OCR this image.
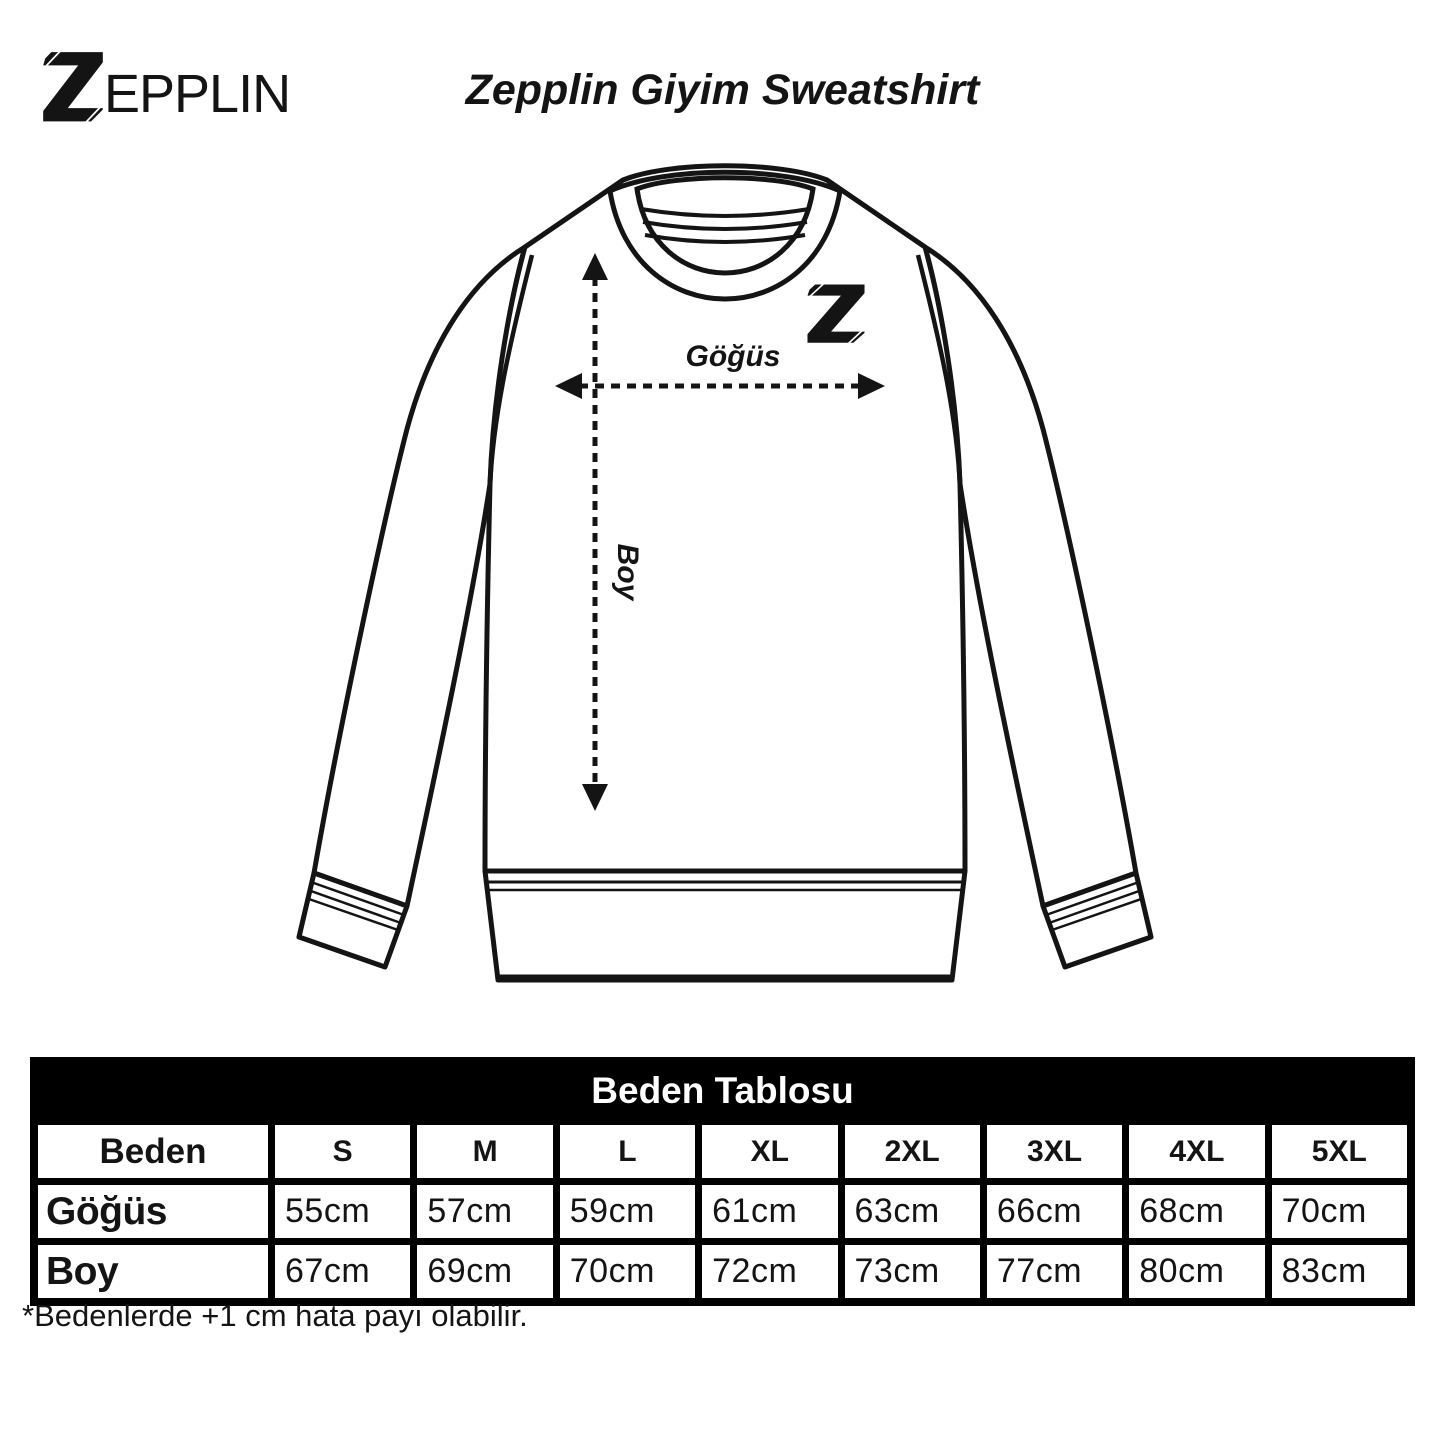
EPPLIN	Zepplin Giyim Sweatshirt
Göğüs
Boy
Beden Tablosu
Beden	S	M	L	XL	2XL	3XL	4XL	5XL
Göğüs	55cm	57cm	59cm	61cm	63cm	66cm	68cm	70cm
Boy	67cm	69cm	70cm	72cm	73cm	77cm	80cm	83cm

*Bedenlerde +1 cm hata payı olabilir.
